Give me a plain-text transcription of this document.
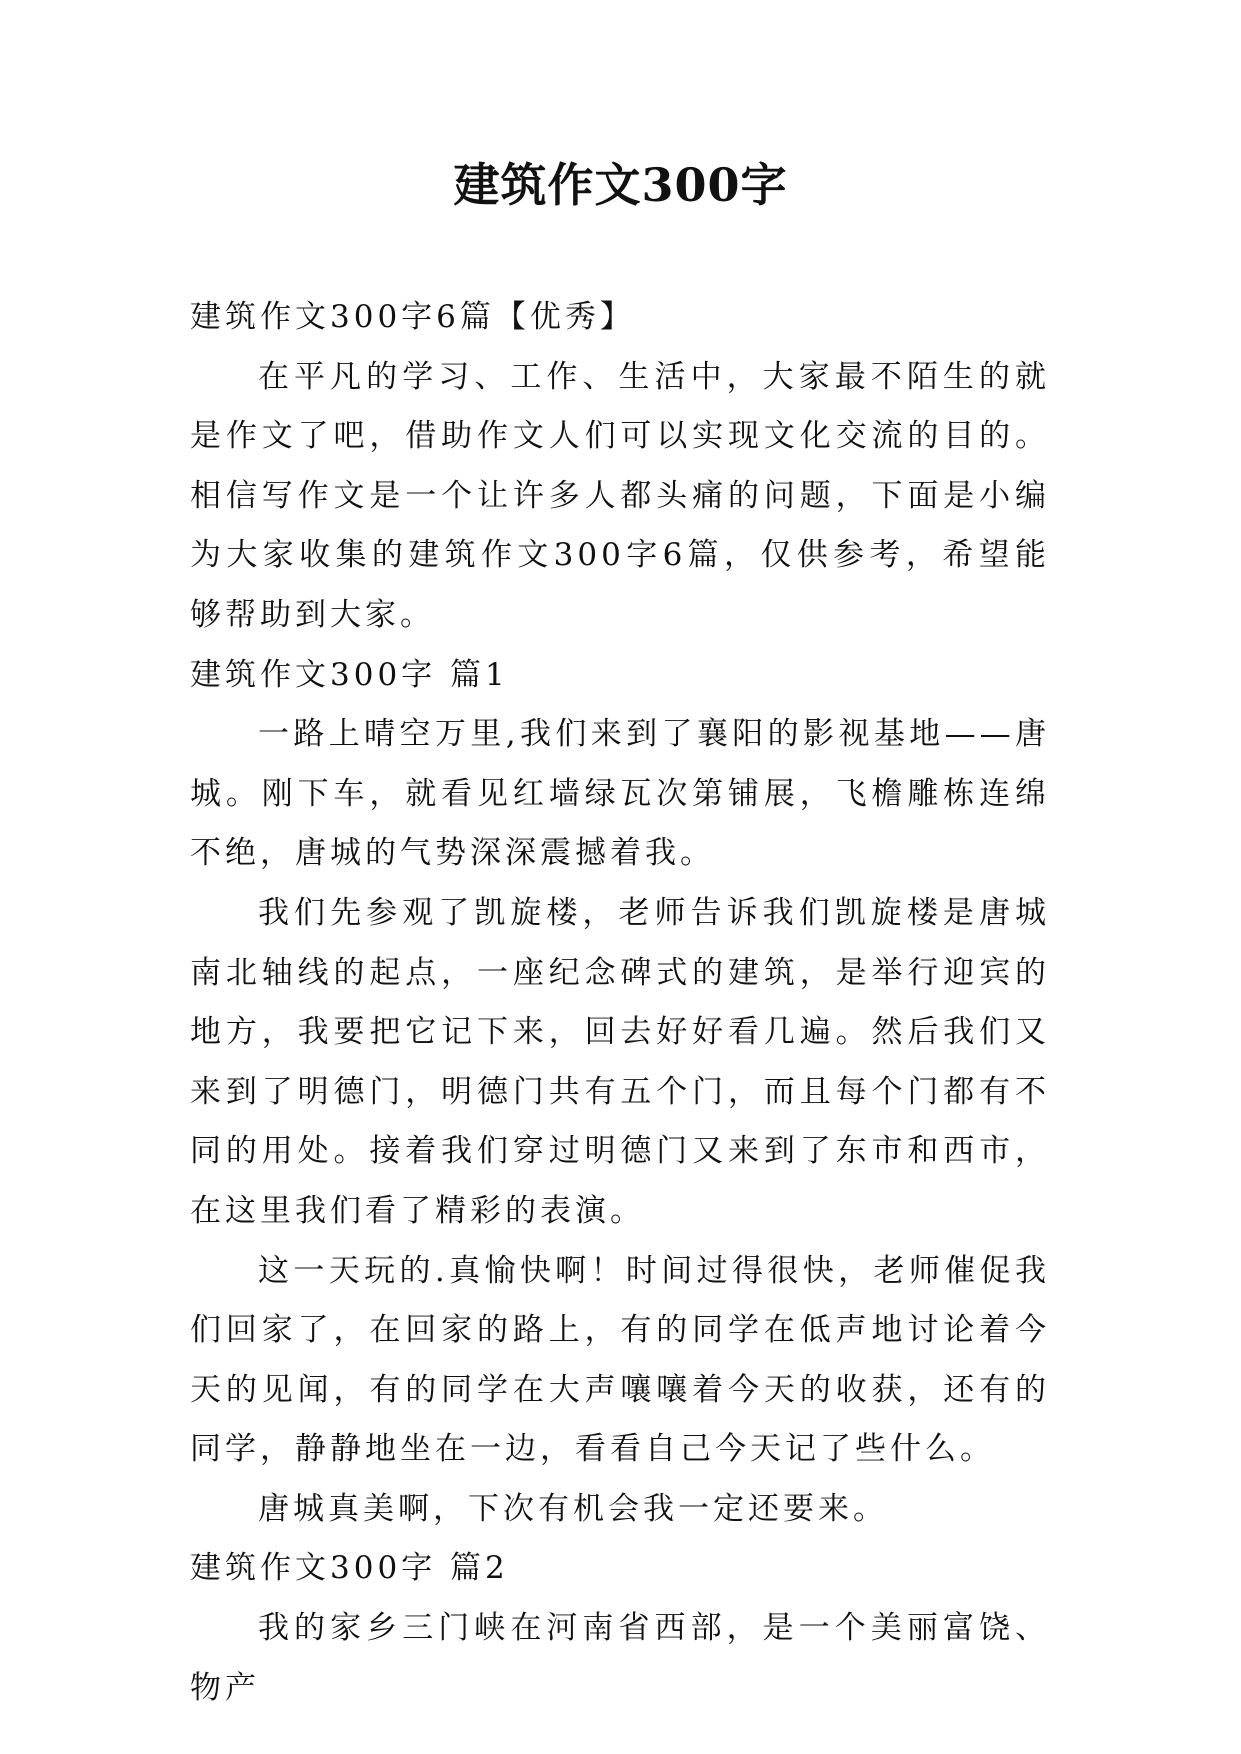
建筑作文300字

建筑作文300字6篇【优秀】

在平凡的学习、工作、生活中，大家最不陌生的就是作文了吧，借助作文人们可以实现文化交流的目的。相信写作文是一个让许多人都头痛的问题，下面是小编为大家收集的建筑作文300字6篇，仅供参考，希望能够帮助到大家。

建筑作文300字 篇1

一路上晴空万里,我们来到了襄阳的影视基地——唐城。刚下车，就看见红墙绿瓦次第铺展，飞檐雕栋连绵不绝，唐城的气势深深震撼着我。

我们先参观了凯旋楼，老师告诉我们凯旋楼是唐城南北轴线的起点，一座纪念碑式的建筑，是举行迎宾的地方，我要把它记下来，回去好好看几遍。然后我们又来到了明德门，明德门共有五个门，而且每个门都有不同的用处。接着我们穿过明德门又来到了东市和西市，在这里我们看了精彩的表演。

这一天玩的.真愉快啊！时间过得很快，老师催促我们回家了，在回家的路上，有的同学在低声地讨论着今天的见闻，有的同学在大声嚷嚷着今天的收获，还有的同学，静静地坐在一边，看看自己今天记了些什么。

唐城真美啊，下次有机会我一定还要来。

建筑作文300字 篇2

我的家乡三门峡在河南省西部，是一个美丽富饶、物产
